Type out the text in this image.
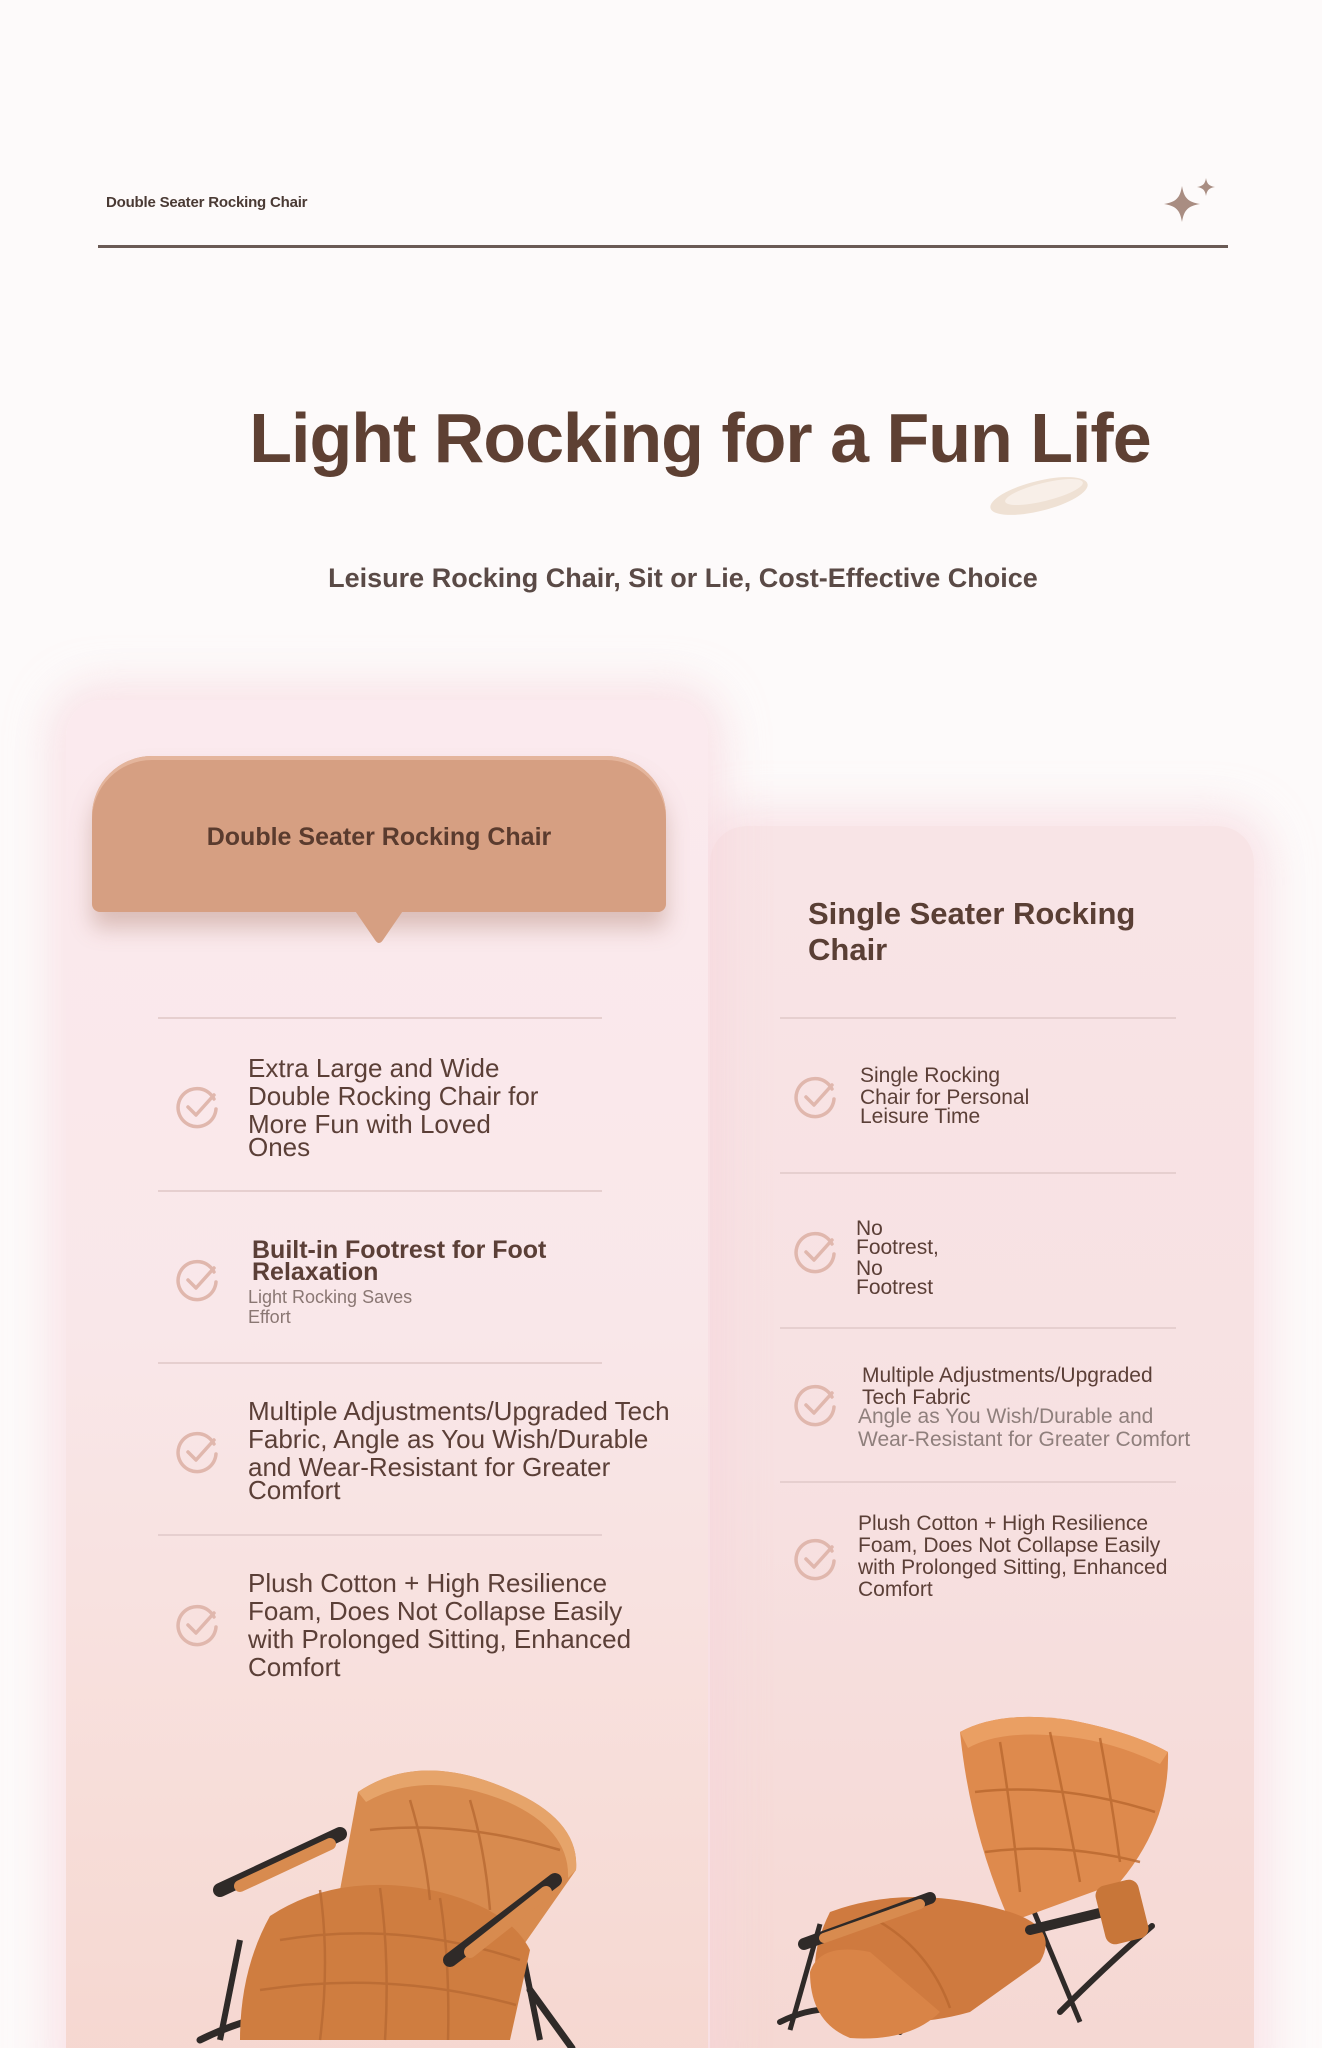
Double Seater Rocking Chair
Light Rocking for a Fun Life
Leisure Rocking Chair, Sit or Lie, Cost-Effective Choice
Double Seater Rocking Chair
Single Seater Rocking Chair
Extra Large and Wide
Double Rocking Chair for
More Fun with Loved
Ones
Built-in Footrest for Foot
Relaxation
Light Rocking Saves
Effort
Multiple Adjustments/Upgraded Tech
Fabric, Angle as You Wish/Durable
and Wear-Resistant for Greater
Comfort
Plush Cotton + High Resilience
Foam, Does Not Collapse Easily
with Prolonged Sitting, Enhanced
Comfort
Single Rocking
Chair for Personal
Leisure Time
No
Footrest,
No
Footrest
Multiple Adjustments/Upgraded
Tech Fabric
Angle as You Wish/Durable and
Wear-Resistant for Greater Comfort
Plush Cotton + High Resilience
Foam, Does Not Collapse Easily
with Prolonged Sitting, Enhanced
Comfort
